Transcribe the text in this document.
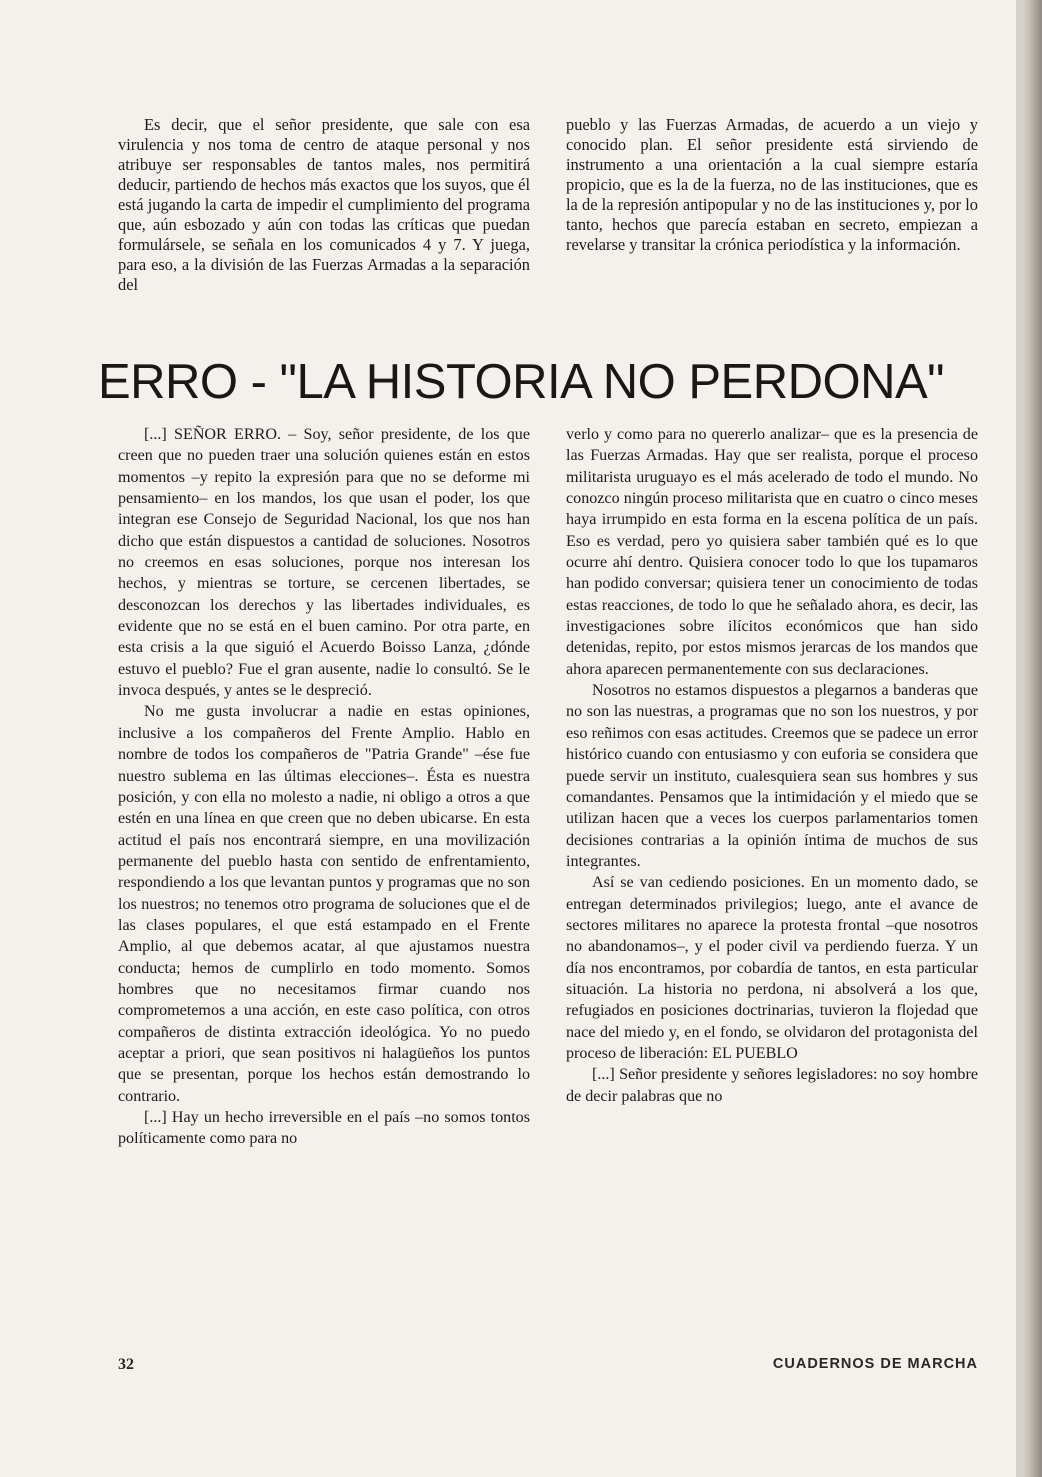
Es decir, que el señor presidente, que sale con esa virulencia y nos toma de centro de ataque personal y nos atribuye ser responsables de tantos males, nos permitirá deducir, partiendo de hechos más exactos que los suyos, que él está jugando la carta de impedir el cumplimiento del programa que, aún esbozado y aún con todas las críticas que puedan formulársele, se señala en los comunicados 4 y 7. Y juega, para eso, a la división de las Fuerzas Armadas a la separación del

pueblo y las Fuerzas Armadas, de acuerdo a un viejo y conocido plan. El señor presidente está sirviendo de instrumento a una orientación a la cual siempre estaría propicio, que es la de la fuerza, no de las instituciones, que es la de la represión antipopular y no de las instituciones y, por lo tanto, hechos que parecía estaban en secreto, empiezan a revelarse y transitar la crónica periodística y la información.

ERRO - "LA HISTORIA NO PERDONA"

[...] SEÑOR ERRO. – Soy, señor presidente, de los que creen que no pueden traer una solución quienes están en estos momentos –y repito la expresión para que no se deforme mi pensamiento– en los mandos, los que usan el poder, los que integran ese Consejo de Seguridad Nacional, los que nos han dicho que están dispuestos a cantidad de soluciones. Nosotros no creemos en esas soluciones, porque nos interesan los hechos, y mientras se torture, se cercenen libertades, se desconozcan los derechos y las libertades individuales, es evidente que no se está en el buen camino. Por otra parte, en esta crisis a la que siguió el Acuerdo Boisso Lanza, ¿dónde estuvo el pueblo? Fue el gran ausente, nadie lo consultó. Se le invoca después, y antes se le despreció.

No me gusta involucrar a nadie en estas opiniones, inclusive a los compañeros del Frente Amplio. Hablo en nombre de todos los compañeros de "Patria Grande" –ése fue nuestro sublema en las últimas elecciones–. Ésta es nuestra posición, y con ella no molesto a nadie, ni obligo a otros a que estén en una línea en que creen que no deben ubicarse. En esta actitud el país nos encontrará siempre, en una movilización permanente del pueblo hasta con sentido de enfrentamiento, respondiendo a los que levantan puntos y programas que no son los nuestros; no tenemos otro programa de soluciones que el de las clases populares, el que está estampado en el Frente Amplio, al que debemos acatar, al que ajustamos nuestra conducta; hemos de cumplirlo en todo momento. Somos hombres que no necesitamos firmar cuando nos comprometemos a una acción, en este caso política, con otros compañeros de distinta extracción ideológica. Yo no puedo aceptar a priori, que sean positivos ni halagüeños los puntos que se presentan, porque los hechos están demostrando lo contrario.

[...] Hay un hecho irreversible en el país –no somos tontos políticamente como para no

verlo y como para no quererlo analizar– que es la presencia de las Fuerzas Armadas. Hay que ser realista, porque el proceso militarista uruguayo es el más acelerado de todo el mundo. No conozco ningún proceso militarista que en cuatro o cinco meses haya irrumpido en esta forma en la escena política de un país. Eso es verdad, pero yo quisiera saber también qué es lo que ocurre ahí dentro. Quisiera conocer todo lo que los tupamaros han podido conversar; quisiera tener un conocimiento de todas estas reacciones, de todo lo que he señalado ahora, es decir, las investigaciones sobre ilícitos económicos que han sido detenidas, repito, por estos mismos jerarcas de los mandos que ahora aparecen permanentemente con sus declaraciones.

Nosotros no estamos dispuestos a plegarnos a banderas que no son las nuestras, a programas que no son los nuestros, y por eso reñimos con esas actitudes. Creemos que se padece un error histórico cuando con entusiasmo y con euforia se considera que puede servir un instituto, cualesquiera sean sus hombres y sus comandantes. Pensamos que la intimidación y el miedo que se utilizan hacen que a veces los cuerpos parlamentarios tomen decisiones contrarias a la opinión íntima de muchos de sus integrantes.

Así se van cediendo posiciones. En un momento dado, se entregan determinados privilegios; luego, ante el avance de sectores militares no aparece la protesta frontal –que nosotros no abandonamos–, y el poder civil va perdiendo fuerza. Y un día nos encontramos, por cobardía de tantos, en esta particular situación. La historia no perdona, ni absolverá a los que, refugiados en posiciones doctrinarias, tuvieron la flojedad que nace del miedo y, en el fondo, se olvidaron del protagonista del proceso de liberación: EL PUEBLO

[...] Señor presidente y señores legisladores: no soy hombre de decir palabras que no

32	CUADERNOS DE MARCHA
